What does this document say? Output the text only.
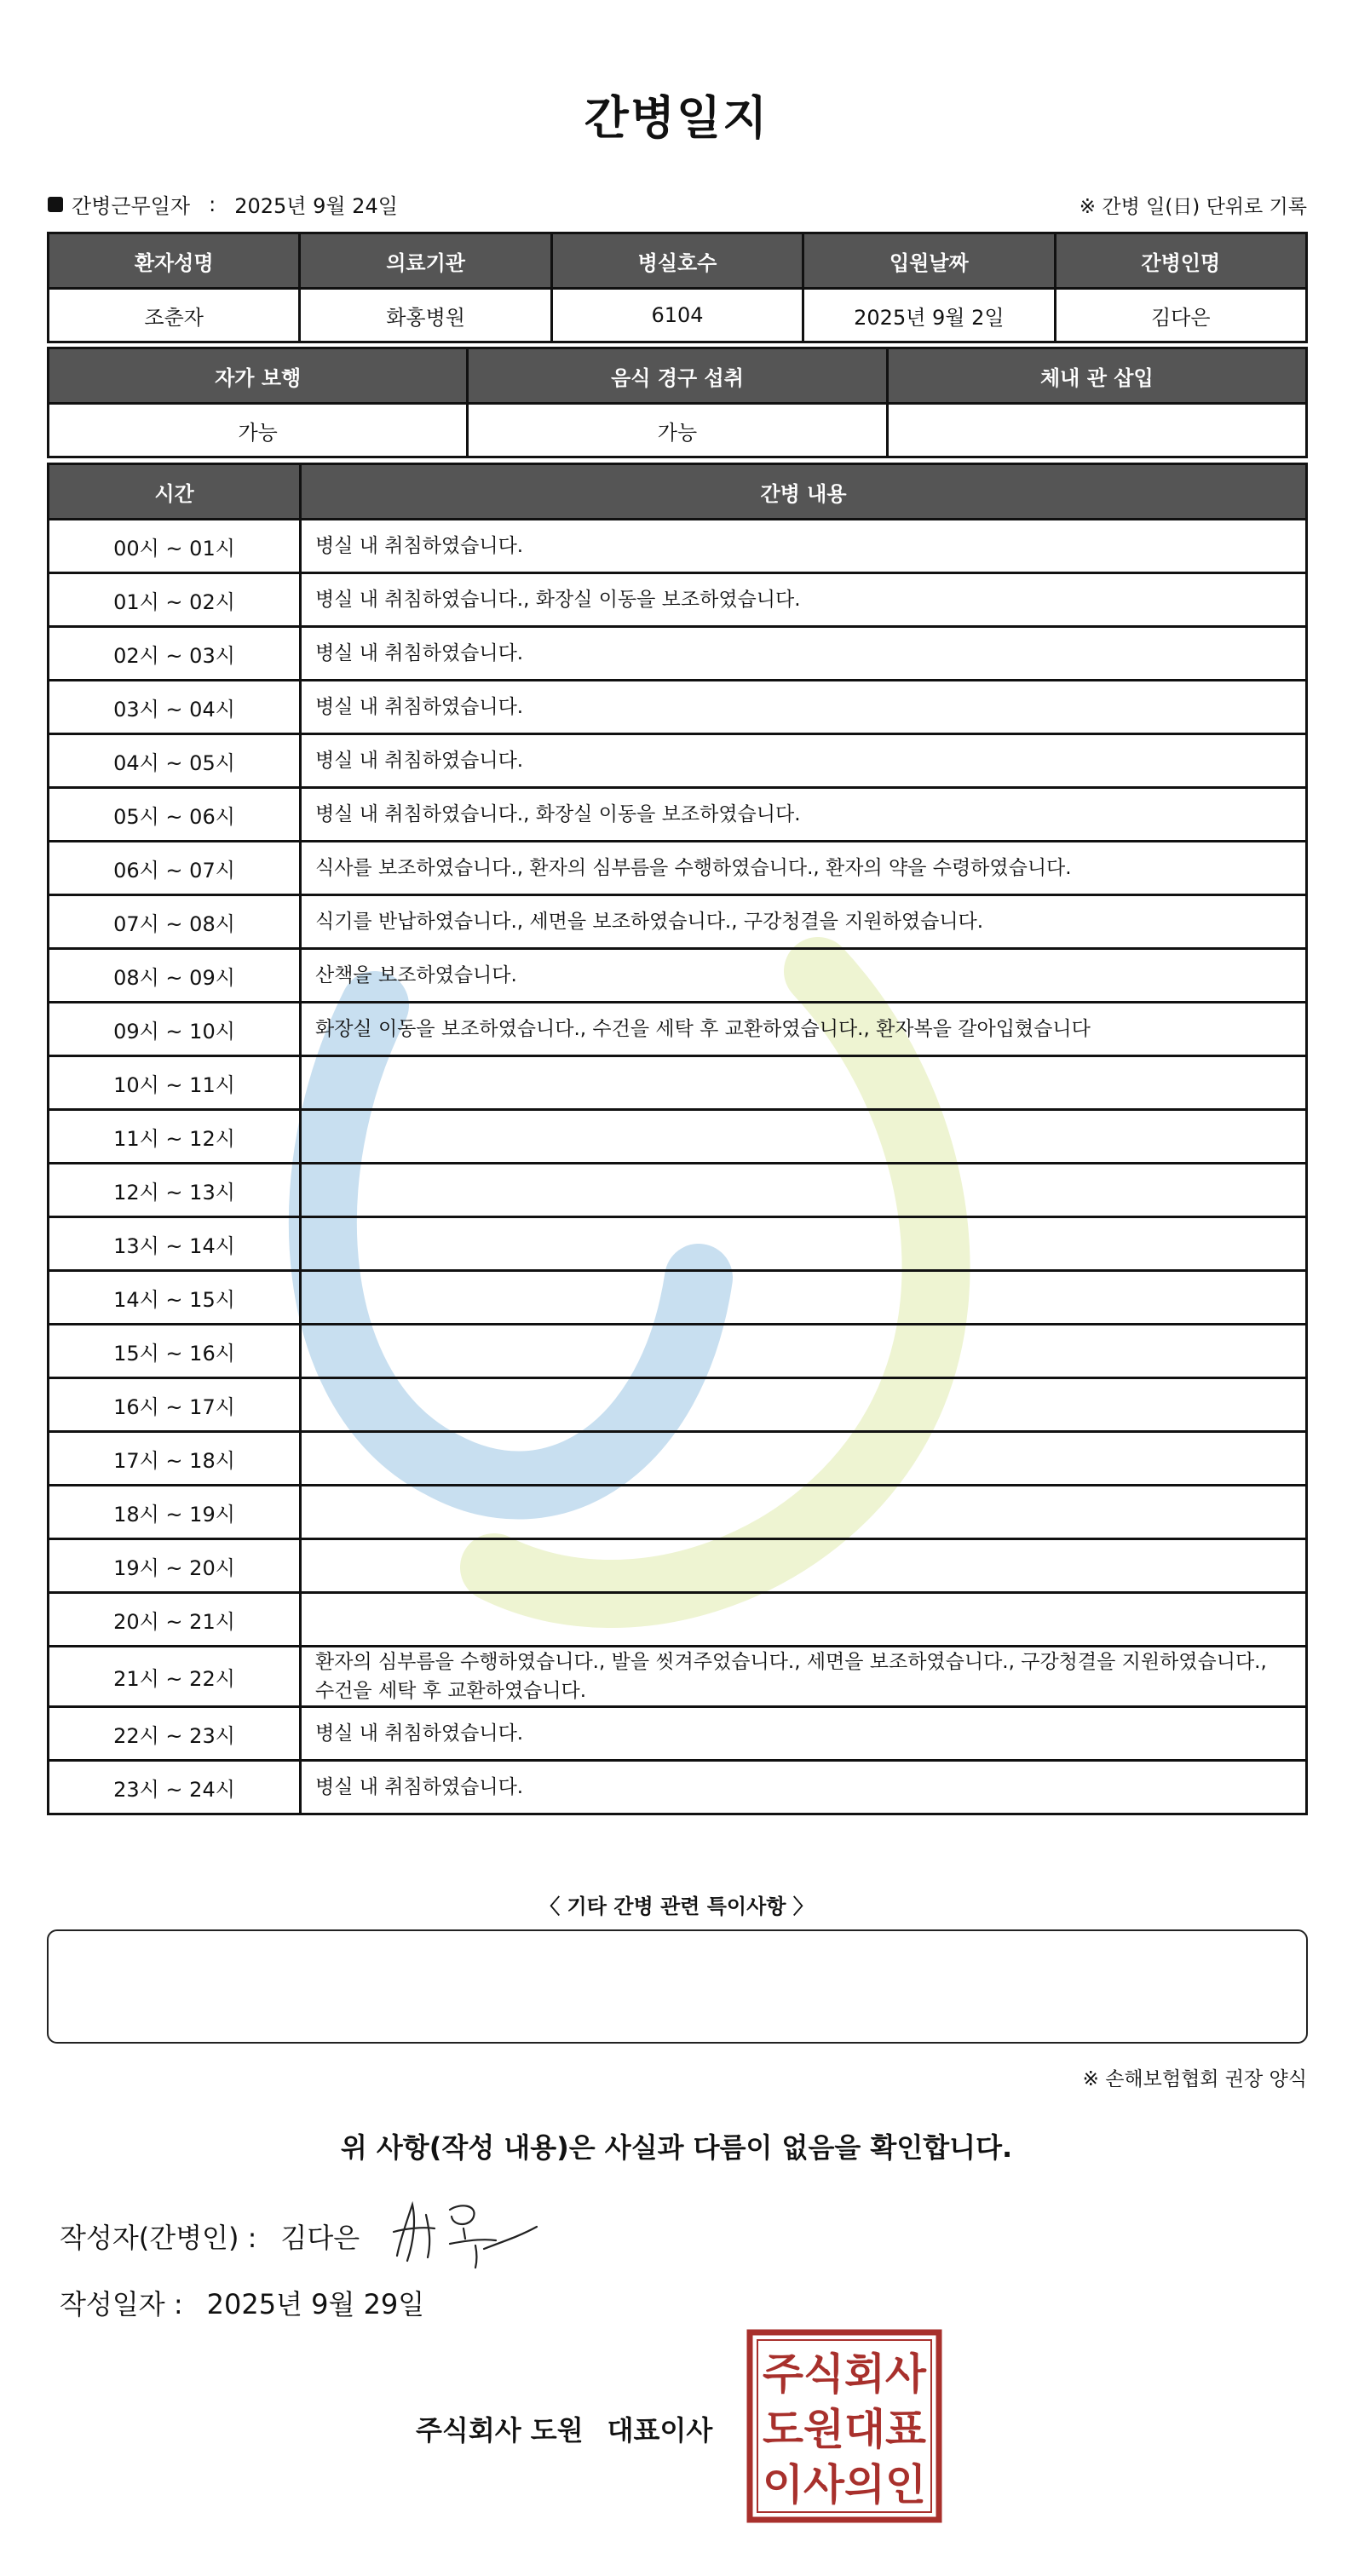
간병일지
간병근무일자 : 2025년 9월 24일	※ 간병 일(日) 단위로 기록
환자성명	의료기관	병실호수	입원날짜	간병인명
조춘자	화홍병원	6104	2025년 9월 2일	김다은
자가 보행	음식 경구 섭취	체내 관 삽입
가능	가능	
시간	간병 내용
00시 ~ 01시	병실 내 취침하였습니다.
01시 ~ 02시	병실 내 취침하였습니다., 화장실 이동을 보조하였습니다.
02시 ~ 03시	병실 내 취침하였습니다.
03시 ~ 04시	병실 내 취침하였습니다.
04시 ~ 05시	병실 내 취침하였습니다.
05시 ~ 06시	병실 내 취침하였습니다., 화장실 이동을 보조하였습니다.
06시 ~ 07시	식사를 보조하였습니다., 환자의 심부름을 수행하였습니다., 환자의 약을 수령하였습니다.
07시 ~ 08시	식기를 반납하였습니다., 세면을 보조하였습니다., 구강청결을 지원하였습니다.
08시 ~ 09시	산책을 보조하였습니다.
09시 ~ 10시	화장실 이동을 보조하였습니다., 수건을 세탁 후 교환하였습니다., 환자복을 갈아입혔습니다
10시 ~ 11시	
11시 ~ 12시	
12시 ~ 13시	
13시 ~ 14시	
14시 ~ 15시	
15시 ~ 16시	
16시 ~ 17시	
17시 ~ 18시	
18시 ~ 19시	
19시 ~ 20시	
20시 ~ 21시	
21시 ~ 22시	환자의 심부름을 수행하였습니다., 발을 씻겨주었습니다., 세면을 보조하였습니다., 구강청결을 지원하였습니다., 수건을 세탁 후 교환하였습니다.
22시 ~ 23시	병실 내 취침하였습니다.
23시 ~ 24시	병실 내 취침하였습니다.
〈 기타 간병 관련 특이사항 〉
※ 손해보험협회 권장 양식
위 사항(작성 내용)은 사실과 다름이 없음을 확인합니다.
작성자(간병인) : 김다은
작성일자 : 2025년 9월 29일
주식회사 도원 대표이사
주식회사
도원대표
이사의인
